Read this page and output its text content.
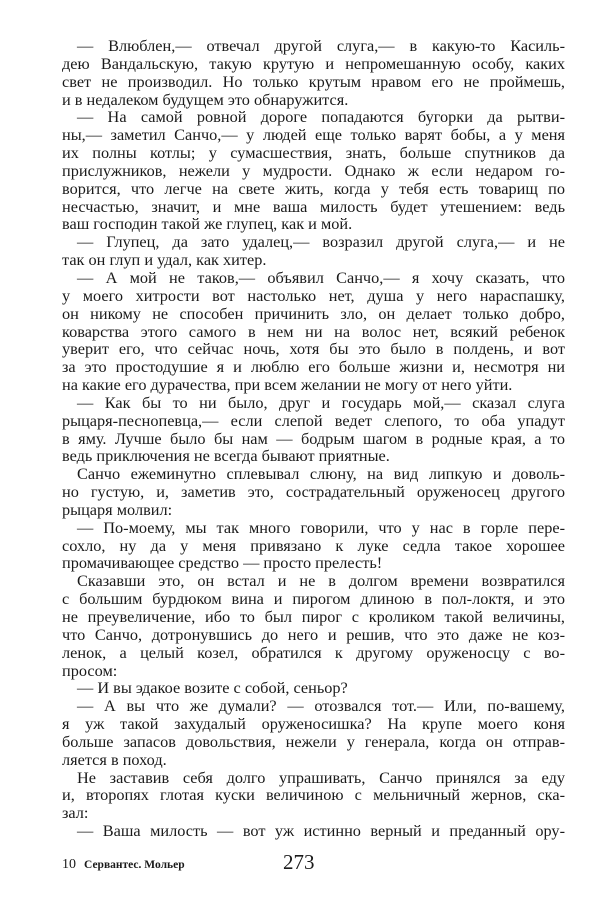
— Влюблен,— отвечал другой слуга,— в какую-то Касиль-
дею Вандальскую, такую крутую и непромешанную особу, каких
свет не производил. Но только крутым нравом его не проймешь,
и в недалеком будущем это обнаружится.
— На самой ровной дороге попадаются бугорки да рытви-
ны,— заметил Санчо,— у людей еще только варят бобы, а у меня
их полны котлы; у сумасшествия, знать, больше спутников да
прислужников, нежели у мудрости. Однако ж если недаром го-
ворится, что легче на свете жить, когда у тебя есть товарищ по
несчастью, значит, и мне ваша милость будет утешением: ведь
ваш господин такой же глупец, как и мой.
— Глупец, да зато удалец,— возразил другой слуга,— и не
так он глуп и удал, как хитер.
— А мой не таков,— объявил Санчо,— я хочу сказать, что
у моего хитрости вот настолько нет, душа у него нараспашку,
он никому не способен причинить зло, он делает только добро,
коварства этого самого в нем ни на волос нет, всякий ребенок
уверит его, что сейчас ночь, хотя бы это было в полдень, и вот
за это простодушие я и люблю его больше жизни и, несмотря ни
на какие его дурачества, при всем желании не могу от него уйти.
— Как бы то ни было, друг и государь мой,— сказал слуга
рыцаря-песнопевца,— если слепой ведет слепого, то оба упадут
в яму. Лучше было бы нам — бодрым шагом в родные края, а то
ведь приключения не всегда бывают приятные.
Санчо ежеминутно сплевывал слюну, на вид липкую и доволь-
но густую, и, заметив это, сострадательный оруженосец другого
рыцаря молвил:
— По-моему, мы так много говорили, что у нас в горле пере-
сохло, ну да у меня привязано к луке седла такое хорошее
промачивающее средство — просто прелесть!
Сказавши это, он встал и не в долгом времени возвратился
с большим бурдюком вина и пирогом длиною в пол-локтя, и это
не преувеличение, ибо то был пирог с кроликом такой величины,
что Санчо, дотронувшись до него и решив, что это даже не коз-
ленок, а целый козел, обратился к другому оруженосцу с во-
просом:
— И вы эдакое возите с собой, сеньор?
— А вы что же думали? — отозвался тот.— Или, по-вашему,
я уж такой захудалый оруженосишка? На крупе моего коня
больше запасов довольствия, нежели у генерала, когда он отправ-
ляется в поход.
Не заставив себя долго упрашивать, Санчо принялся за еду
и, второпях глотая куски величиною с мельничный жернов, ска-
зал:
— Ваша милость — вот уж истинно верный и преданный ору-
10 Сервантес. Мольер	273
